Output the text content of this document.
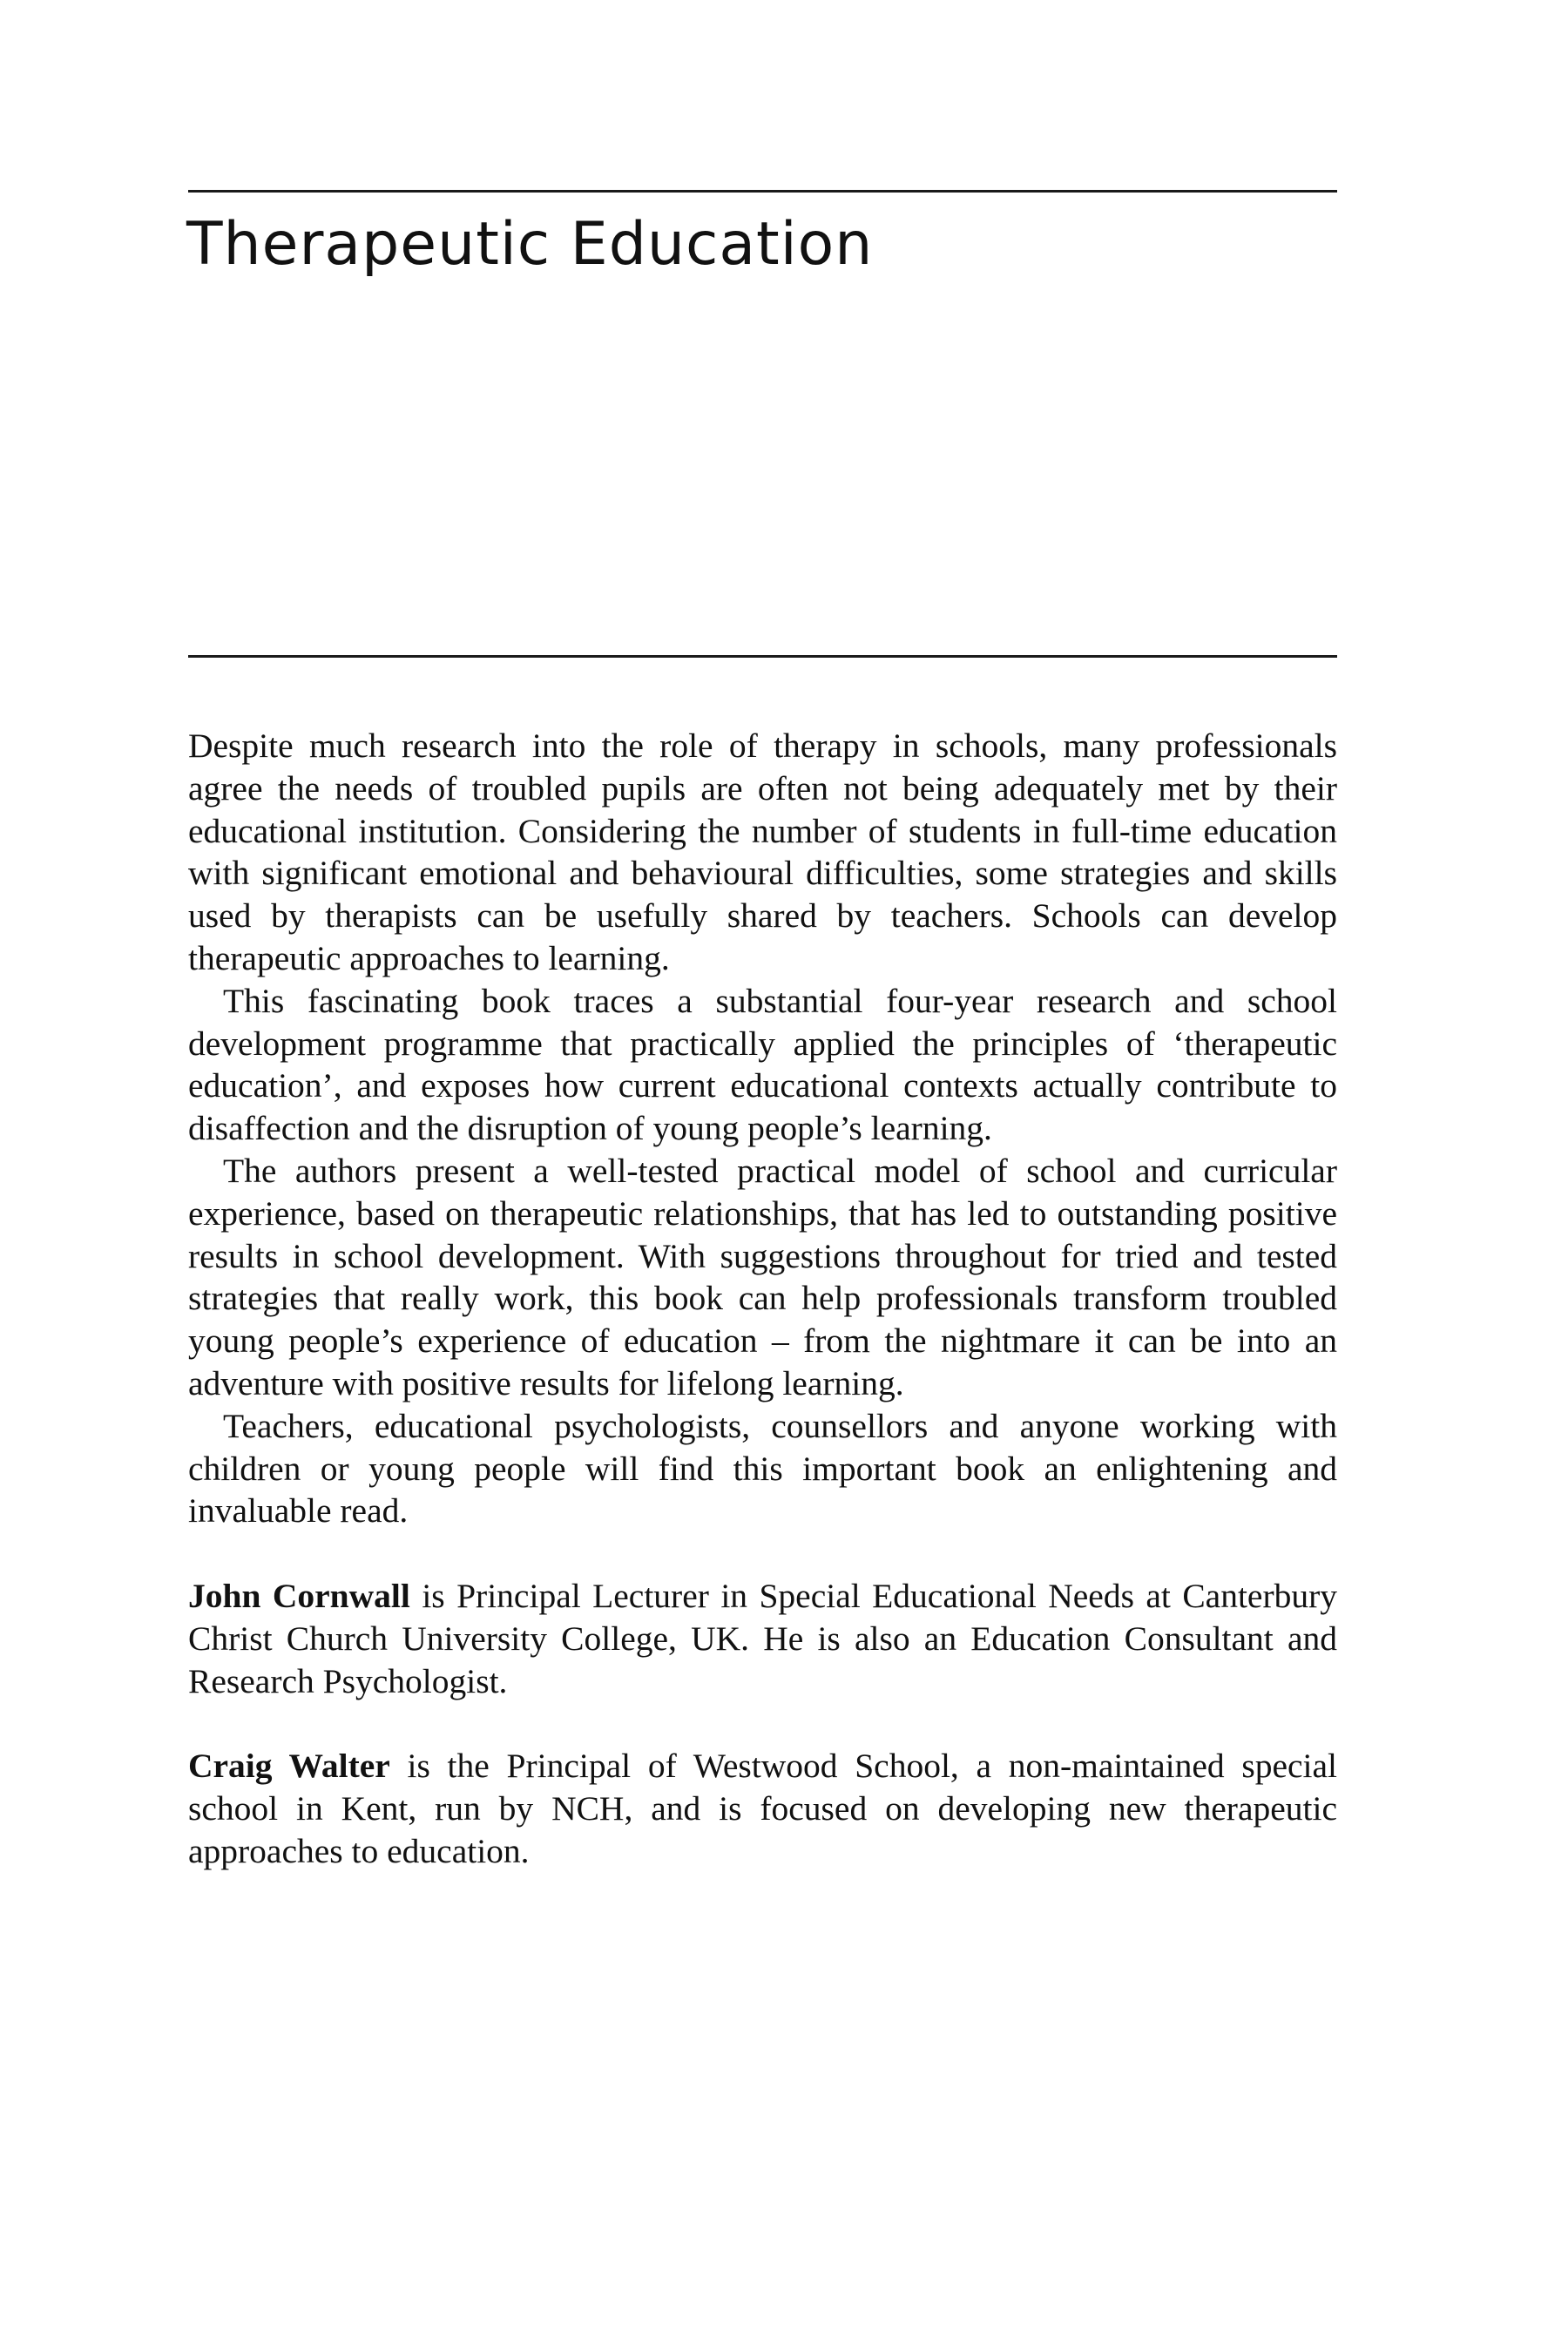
Therapeutic Education

Despite much research into the role of therapy in schools, many professionals agree the needs of troubled pupils are often not being adequately met by their educational institution. Considering the number of students in full-time education with significant emotional and behavioural difficulties, some strategies and skills used by therapists can be usefully shared by teachers. Schools can develop therapeutic approaches to learning.

This fascinating book traces a substantial four-year research and school development programme that practically applied the principles of ‘therapeutic education’, and exposes how current educational contexts actually contribute to disaffection and the disruption of young people’s learning.

The authors present a well-tested practical model of school and curricular experience, based on therapeutic relationships, that has led to outstanding positive results in school development. With suggestions throughout for tried and tested strategies that really work, this book can help professionals transform troubled young people’s experience of education – from the nightmare it can be into an adventure with positive results for lifelong learning.

Teachers, educational psychologists, counsellors and anyone working with children or young people will find this important book an enlightening and invaluable read.

John Cornwall is Principal Lecturer in Special Educational Needs at Canterbury Christ Church University College, UK. He is also an Education Consultant and Research Psychologist.

Craig Walter is the Principal of Westwood School, a non-maintained special school in Kent, run by NCH, and is focused on developing new therapeutic approaches to education.
